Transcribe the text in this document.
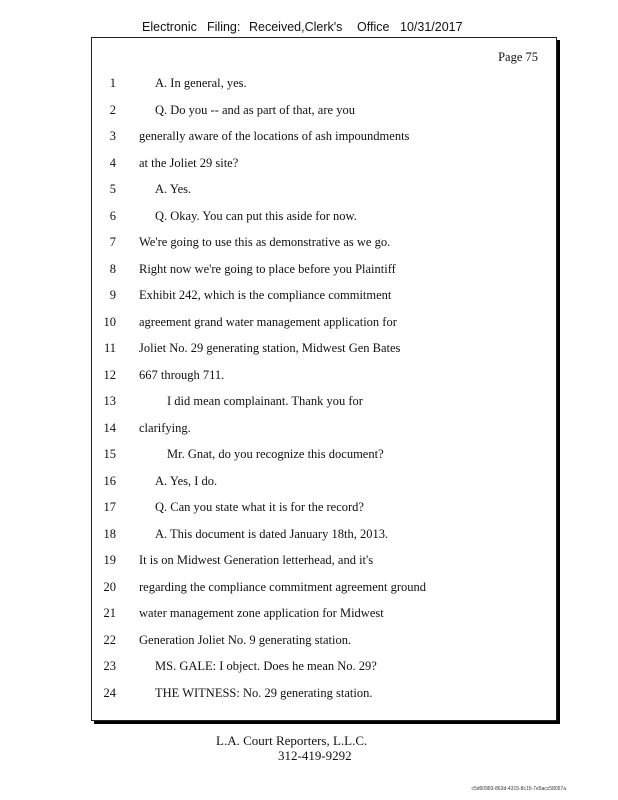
Electronic Filing: Received,Clerk's Office 10/31/2017
Page 75
1	A. In general, yes.
2	Q. Do you -- and as part of that, are you
3 generally aware of the locations of ash impoundments
4 at the Joliet 29 site?
5	A. Yes.
6	Q. Okay. You can put this aside for now.
7 We're going to use this as demonstrative as we go.
8 Right now we're going to place before you Plaintiff
9 Exhibit 242, which is the compliance commitment
10 agreement grand water management application for
11 Joliet No. 29 generating station, Midwest Gen Bates
12 667 through 711.
13	I did mean complainant. Thank you for
14 clarifying.
15	Mr. Gnat, do you recognize this document?
16	A. Yes, I do.
17	Q. Can you state what it is for the record?
18	A. This document is dated January 18th, 2013.
19 It is on Midwest Generation letterhead, and it's
20 regarding the compliance commitment agreement ground
21 water management zone application for Midwest
22 Generation Joliet No. 9 generating station.
23	MS. GALE: I object. Does he mean No. 29?
24	THE WITNESS: No. 29 generating station.
L.A. Court Reporters, L.L.C.
312-419-9292
c5d60983-863d-4315-8c15-7e5acc58057a
